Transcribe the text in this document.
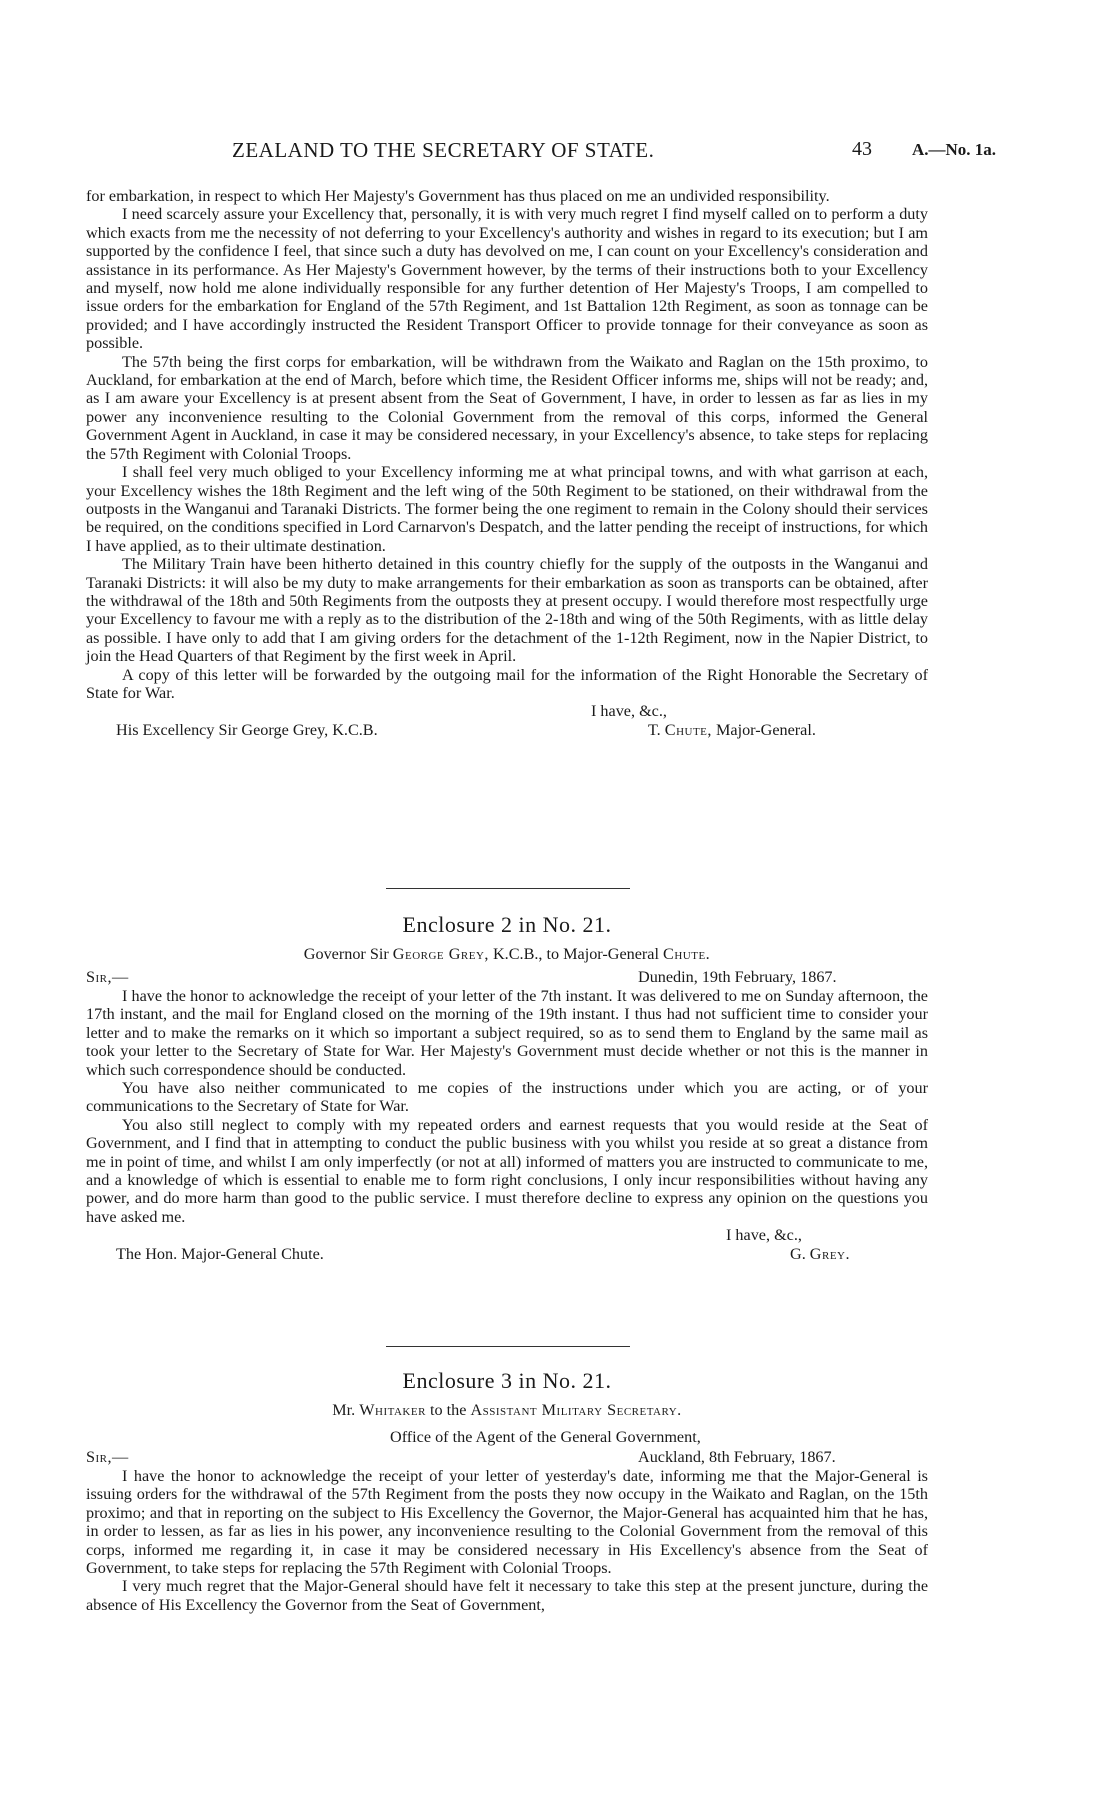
ZEALAND TO THE SECRETARY OF STATE.	43 A.—No. 1a.

for embarkation, in respect to which Her Majesty's Government has thus placed on me an undivided responsibility.

I need scarcely assure your Excellency that, personally, it is with very much regret I find myself called on to perform a duty which exacts from me the necessity of not deferring to your Excellency's authority and wishes in regard to its execution; but I am supported by the confidence I feel, that since such a duty has devolved on me, I can count on your Excellency's consideration and assistance in its performance. As Her Majesty's Government however, by the terms of their instructions both to your Excellency and myself, now hold me alone individually responsible for any further detention of Her Majesty's Troops, I am compelled to issue orders for the embarkation for England of the 57th Regiment, and 1st Battalion 12th Regiment, as soon as tonnage can be provided; and I have accordingly instructed the Resident Transport Officer to provide tonnage for their conveyance as soon as possible.

The 57th being the first corps for embarkation, will be withdrawn from the Waikato and Raglan on the 15th proximo, to Auckland, for embarkation at the end of March, before which time, the Resident Officer informs me, ships will not be ready; and, as I am aware your Excellency is at present absent from the Seat of Government, I have, in order to lessen as far as lies in my power any inconvenience resulting to the Colonial Government from the removal of this corps, informed the General Government Agent in Auckland, in case it may be considered necessary, in your Excellency's absence, to take steps for replacing the 57th Regiment with Colonial Troops.

I shall feel very much obliged to your Excellency informing me at what principal towns, and with what garrison at each, your Excellency wishes the 18th Regiment and the left wing of the 50th Regiment to be stationed, on their withdrawal from the outposts in the Wanganui and Taranaki Districts. The former being the one regiment to remain in the Colony should their services be required, on the conditions specified in Lord Carnarvon's Despatch, and the latter pending the receipt of instructions, for which I have applied, as to their ultimate destination.

The Military Train have been hitherto detained in this country chiefly for the supply of the outposts in the Wanganui and Taranaki Districts: it will also be my duty to make arrangements for their embarkation as soon as transports can be obtained, after the withdrawal of the 18th and 50th Regiments from the outposts they at present occupy. I would therefore most respectfully urge your Excellency to favour me with a reply as to the distribution of the 2-18th and wing of the 50th Regiments, with as little delay as possible. I have only to add that I am giving orders for the detachment of the 1-12th Regiment, now in the Napier District, to join the Head Quarters of that Regiment by the first week in April.

A copy of this letter will be forwarded by the outgoing mail for the information of the Right Honorable the Secretary of State for War.

I have, &c.,
His Excellency Sir George Grey, K.C.B.	T. Chute, Major-General.
Enclosure 2 in No. 21.
Governor Sir George Grey, K.C.B., to Major-General Chute.
Sir,—	Dunedin, 19th February, 1867.

I have the honor to acknowledge the receipt of your letter of the 7th instant. It was delivered to me on Sunday afternoon, the 17th instant, and the mail for England closed on the morning of the 19th instant. I thus had not sufficient time to consider your letter and to make the remarks on it which so important a subject required, so as to send them to England by the same mail as took your letter to the Secretary of State for War. Her Majesty's Government must decide whether or not this is the manner in which such correspondence should be conducted.

You have also neither communicated to me copies of the instructions under which you are acting, or of your communications to the Secretary of State for War.

You also still neglect to comply with my repeated orders and earnest requests that you would reside at the Seat of Government, and I find that in attempting to conduct the public business with you whilst you reside at so great a distance from me in point of time, and whilst I am only imperfectly (or not at all) informed of matters you are instructed to communicate to me, and a knowledge of which is essential to enable me to form right conclusions, I only incur responsibilities without having any power, and do more harm than good to the public service. I must therefore decline to express any opinion on the questions you have asked me.

I have, &c.,
The Hon. Major-General Chute.	G. Grey.
Enclosure 3 in No. 21.
Mr. Whitaker to the Assistant Military Secretary.
Office of the Agent of the General Government,
Sir,—	Auckland, 8th February, 1867.

I have the honor to acknowledge the receipt of your letter of yesterday's date, informing me that the Major-General is issuing orders for the withdrawal of the 57th Regiment from the posts they now occupy in the Waikato and Raglan, on the 15th proximo; and that in reporting on the subject to His Excellency the Governor, the Major-General has acquainted him that he has, in order to lessen, as far as lies in his power, any inconvenience resulting to the Colonial Government from the removal of this corps, informed me regarding it, in case it may be considered necessary in His Excellency's absence from the Seat of Government, to take steps for replacing the 57th Regiment with Colonial Troops.

I very much regret that the Major-General should have felt it necessary to take this step at the present juncture, during the absence of His Excellency the Governor from the Seat of Government,
